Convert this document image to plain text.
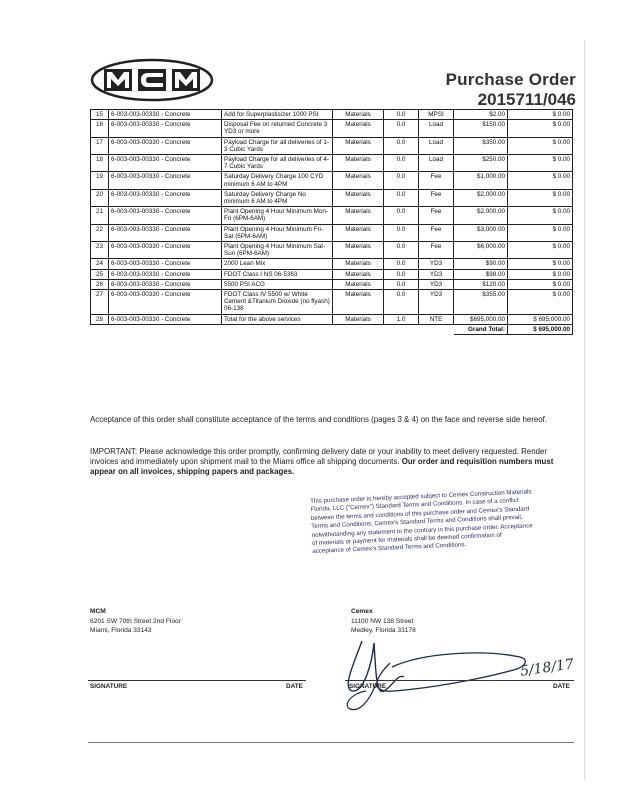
Purchase Order
2015711/046
15	6-003-003-00330 - Concrete	Add for Superplastisizer 1000 PSI	Materials	0.0	MPSI	$2.00	$ 0.00
16	6-003-003-00330 - Concrete	Disposal Fee on returned Concrete 3 YD3 or more	Materials	0.0	Load	$150.00	$ 0.00
17	6-003-003-00330 - Concrete	Payload Charge for all deliveries of 1-3 Cubic Yards	Materials	0.0	Load	$350.00	$ 0.00
18	6-003-003-00330 - Concrete	Payload Charge for all deliveries of 4-7 Cubic Yards	Materials	0.0	Load	$250.00	$ 0.00
19	6-003-003-00330 - Concrete	Saturday Delivery Charge 100 CYD minimum 6 AM to 4PM	Materials	0.0	Fee	$1,000.00	$ 0.00
20	6-003-003-00330 - Concrete	Saturday Delivery Charge No minimum 6 AM to 4PM	Materials	0.0	Fee	$2,000.00	$ 0.00
21	6-003-003-00330 - Concrete	Plant Opening 4 Hour Minimum Mon-Fri (6PM-6AM)	Materials	0.0	Fee	$2,000.00	$ 0.00
22	6-003-003-00330 - Concrete	Plant Opening 4 Hour Minimum Fri-Sat (6PM-6AM)	Materials	0.0	Fee	$3,000.00	$ 0.00
23	6-003-003-00330 - Concrete	Plant Opening 4 Hour Minimum Sat-Sun (6PM-6AM)	Materials	0.0	Fee	$6,000.00	$ 0.00
24	6-003-003-00330 - Concrete	2000 Lean Mix	Materials	0.0	YD3	$90.00	$ 0.00
25	6-003-003-00330 - Concrete	FDOT Class I NS 06-5363	Materials	0.0	YD3	$98.00	$ 0.00
26	6-003-003-00330 - Concrete	5500 PSI ACG	Materials	0.0	YD3	$120.00	$ 0.00
27	6-003-003-00330 - Concrete	FDOT Class IV 5500 w/ White Cement &Titanium Dioxide (no flyash) 06-138	Materials	0.0	YD3	$355.00	$ 0.00
28	6-003-003-00330 - Concrete	Total for the above services	Materials	1.0	NTE	$695,000.00	$ 695,000.00
						Grand Total:	$ 695,000.00
Acceptance of this order shall constitute acceptance of the terms and conditions (pages 3 & 4) on the face and reverse side hereof.
IMPORTANT: Please acknowledge this order promptly, confirming delivery date or your inability to meet delivery requested. Render invoices and immediately upon shipment mail to the Miami office all shipping documents. Our order and requisition numbers must appear on all invoices, shipping papers and packages.
This purchase order is hereby accepted subject to Cemex Construction Materials Florida, LLC ("Cemex") Standard Terms and Conditions. In case of a conflict between the terms and conditions of this purchase order and Cemex's Standard Terms and Conditions, Cemex's Standard Terms and Conditions shall prevail, notwithstanding any statement to the contrary in this purchase order. Acceptance of materials or payment for materials shall be deemed confirmation of acceptance of Cemex's Standard Terms and Conditions.
MCM
6201 SW 70th Street 2nd Floor
Miami, Florida 33143
Cemex
11100 NW 138 Street
Medley, Florida 33178
5/18/17
SIGNATURE	DATE	SIGNATURE	DATE
